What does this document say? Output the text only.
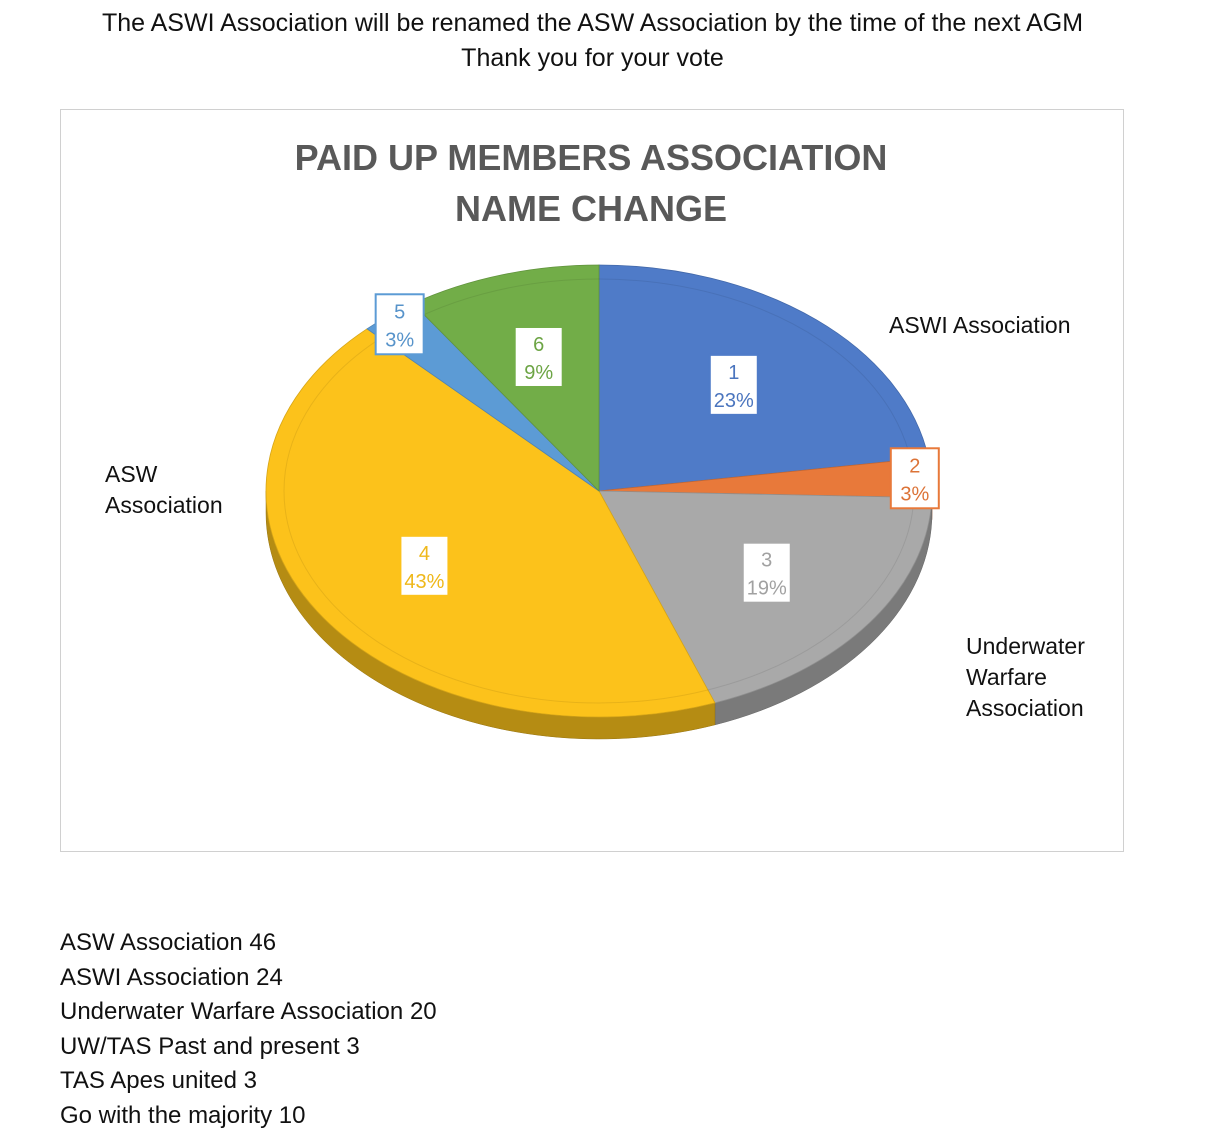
The ASWI Association will be renamed the ASW Association by the time of the next AGM
Thank you for your vote
PAID UP MEMBERS ASSOCIATION NAME CHANGE
1
23%
2
3%
3
19%
4
43%
5
3%	6
9%
ASWI Association
Underwater
Warfare
Association
ASW
Association
ASW Association 46
ASWI Association 24
Underwater Warfare Association 20
UW/TAS Past and present 3
TAS Apes united 3
Go with the majority 10
